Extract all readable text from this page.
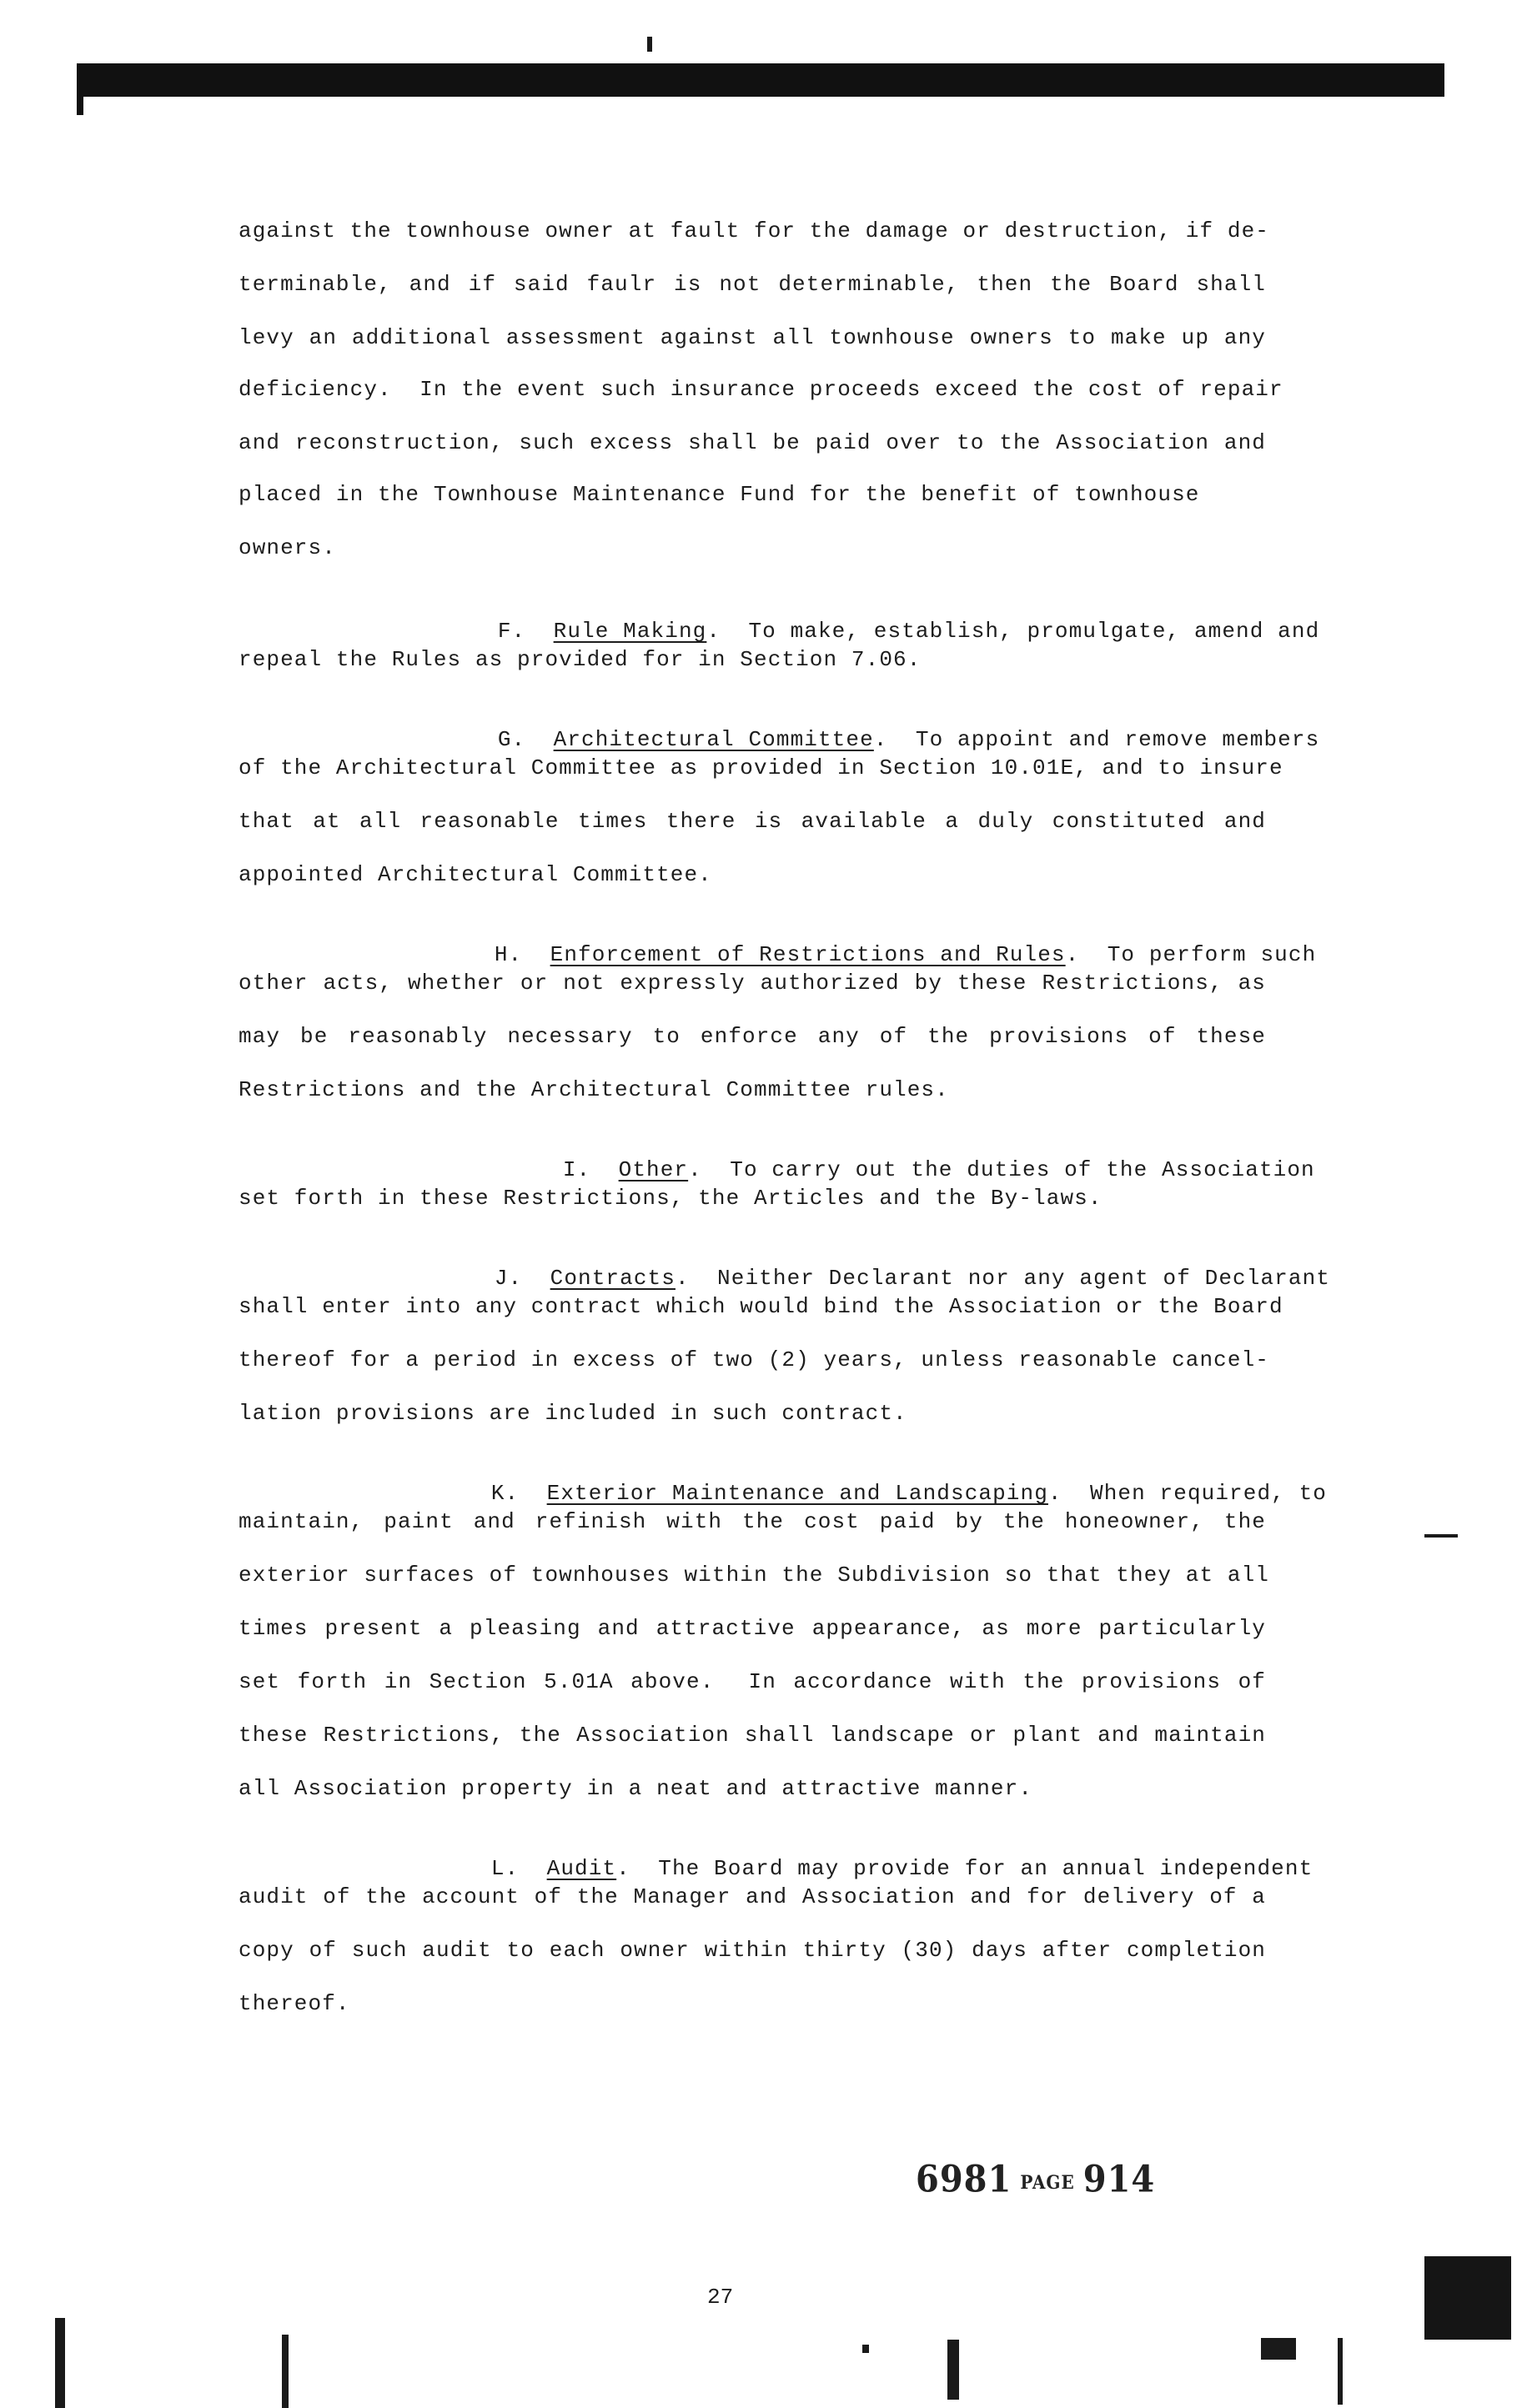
against the townhouse owner at fault for the damage or destruction, if de-
terminable, and if said faulr is not determinable, then the Board shall
levy an additional assessment against all townhouse owners to make up any
deficiency.  In the event such insurance proceeds exceed the cost of repair
and reconstruction, such excess shall be paid over to the Association and
placed in the Townhouse Maintenance Fund for the benefit of townhouse
owners.

F. Rule Making.  To make, establish, promulgate, amend and

repeal the Rules as provided for in Section 7.06.

G. Architectural Committee.  To appoint and remove members

of the Architectural Committee as provided in Section 10.01E, and to insure
that at all reasonable times there is available a duly constituted and
appointed Architectural Committee.

H. Enforcement of Restrictions and Rules.  To perform such

other acts, whether or not expressly authorized by these Restrictions, as
may be reasonably necessary to enforce any of the provisions of these
Restrictions and the Architectural Committee rules.

I. Other.  To carry out the duties of the Association

set forth in these Restrictions, the Articles and the By-laws.

J. Contracts.  Neither Declarant nor any agent of Declarant

shall enter into any contract which would bind the Association or the Board
thereof for a period in excess of two (2) years, unless reasonable cancel-
lation provisions are included in such contract.

K. Exterior Maintenance and Landscaping.  When required, to

maintain, paint and refinish with the cost paid by the honeowner, the
exterior surfaces of townhouses within the Subdivision so that they at all
times present a pleasing and attractive appearance, as more particularly
set forth in Section 5.01A above.  In accordance with the provisions of
these Restrictions, the Association shall landscape or plant and maintain
all Association property in a neat and attractive manner.

L. Audit.  The Board may provide for an annual independent

audit of the account of the Manager and Association and for delivery of a
copy of such audit to each owner within thirty (30) days after completion
thereof.
6981 PAGE 914
27
